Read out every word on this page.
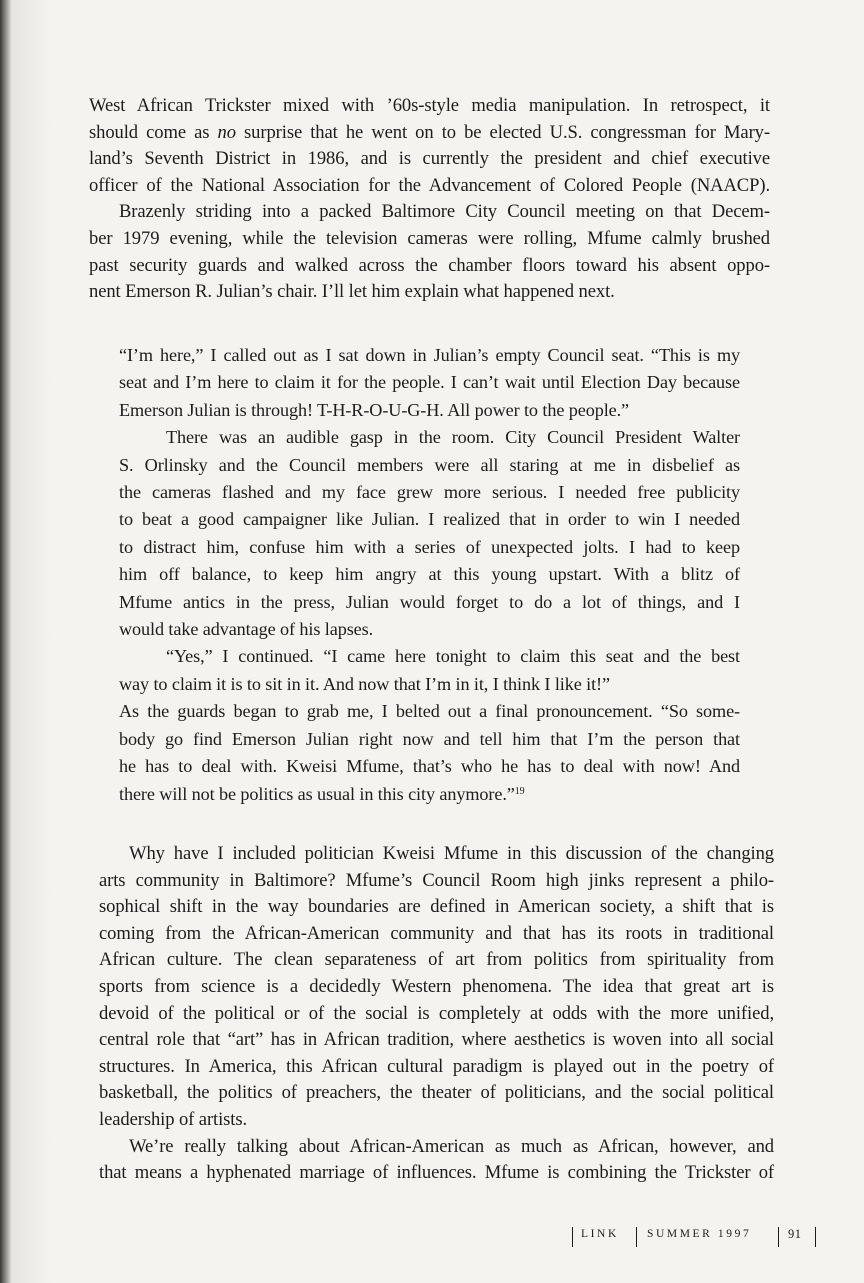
West African Trickster mixed with ’60s-style media manipulation. In retrospect, it
should come as no surprise that he went on to be elected U.S. congressman for Mary-
land’s Seventh District in 1986, and is currently the president and chief executive
officer of the National Association for the Advancement of Colored People (NAACP).
Brazenly striding into a packed Baltimore City Council meeting on that Decem-
ber 1979 evening, while the television cameras were rolling, Mfume calmly brushed
past security guards and walked across the chamber floors toward his absent oppo-
nent Emerson R. Julian’s chair. I’ll let him explain what happened next.
“I’m here,” I called out as I sat down in Julian’s empty Council seat. “This is my
seat and I’m here to claim it for the people. I can’t wait until Election Day because
Emerson Julian is through! T-H-R-O-U-G-H. All power to the people.”
There was an audible gasp in the room. City Council President Walter
S. Orlinsky and the Council members were all staring at me in disbelief as
the cameras flashed and my face grew more serious. I needed free publicity
to beat a good campaigner like Julian. I realized that in order to win I needed
to distract him, confuse him with a series of unexpected jolts. I had to keep
him off balance, to keep him angry at this young upstart. With a blitz of
Mfume antics in the press, Julian would forget to do a lot of things, and I
would take advantage of his lapses.
“Yes,” I continued. “I came here tonight to claim this seat and the best
way to claim it is to sit in it. And now that I’m in it, I think I like it!”
As the guards began to grab me, I belted out a final pronouncement. “So some-
body go find Emerson Julian right now and tell him that I’m the person that
he has to deal with. Kweisi Mfume, that’s who he has to deal with now! And
there will not be politics as usual in this city anymore.”$^{19}$
Why have I included politician Kweisi Mfume in this discussion of the changing
arts community in Baltimore? Mfume’s Council Room high jinks represent a philo-
sophical shift in the way boundaries are defined in American society, a shift that is
coming from the African-American community and that has its roots in traditional
African culture. The clean separateness of art from politics from spirituality from
sports from science is a decidedly Western phenomena. The idea that great art is
devoid of the political or of the social is completely at odds with the more unified,
central role that “art” has in African tradition, where aesthetics is woven into all social
structures. In America, this African cultural paradigm is played out in the poetry of
basketball, the politics of preachers, the theater of politicians, and the social political
leadership of artists.
We’re really talking about African-American as much as African, however, and
that means a hyphenated marriage of influences. Mfume is combining the Trickster of
LINK SUMMER 1997	91
